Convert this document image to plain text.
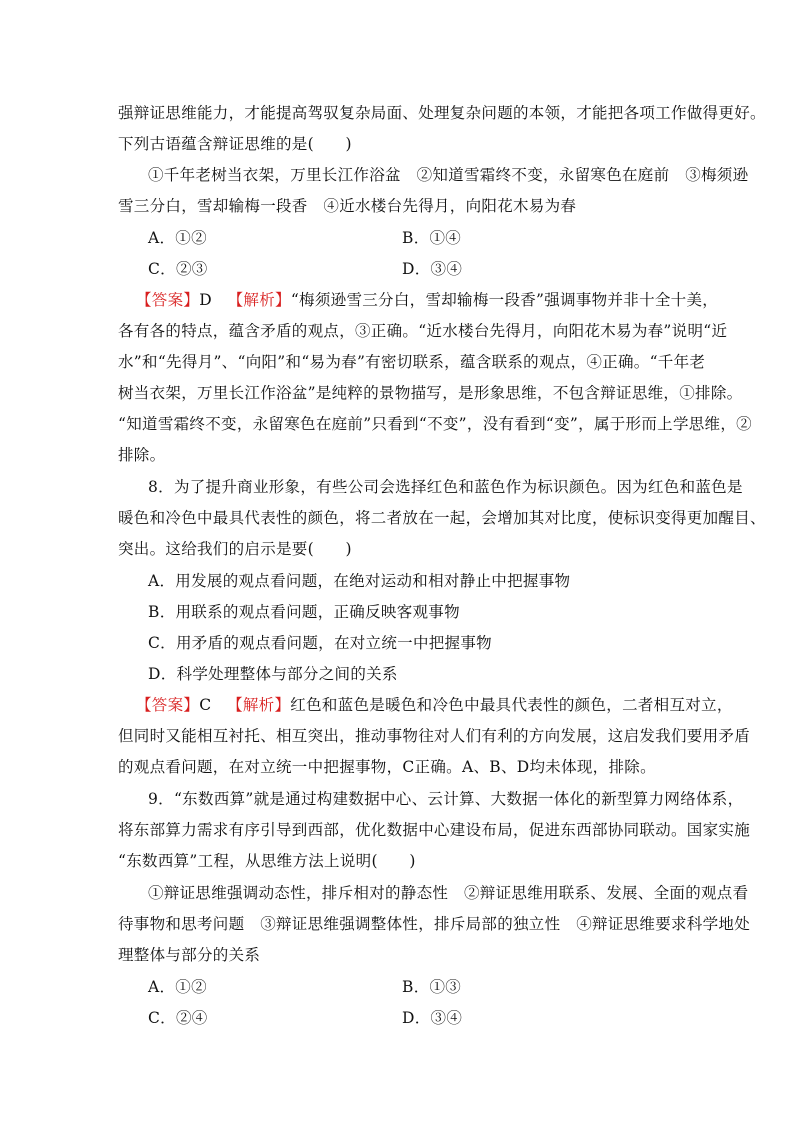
强辩证思维能力，才能提高驾驭复杂局面、处理复杂问题的本领，才能把各项工作做得更好。
下列古语蕴含辩证思维的是(　　)
①千年老树当衣架，万里长江作浴盆　②知道雪霜终不变，永留寒色在庭前　③梅须逊
雪三分白，雪却输梅一段香　④近水楼台先得月，向阳花木易为春
A．①②	B．①④
C．②③	D．③④
【答案】D 【解析】“梅须逊雪三分白，雪却输梅一段香”强调事物并非十全十美，
各有各的特点，蕴含矛盾的观点，③正确。“近水楼台先得月，向阳花木易为春”说明“近
水”和“先得月”、“向阳”和“易为春”有密切联系，蕴含联系的观点，④正确。“千年老
树当衣架，万里长江作浴盆”是纯粹的景物描写，是形象思维，不包含辩证思维，①排除。
“知道雪霜终不变，永留寒色在庭前”只看到“不变”，没有看到“变”，属于形而上学思维，②
排除。
8．为了提升商业形象，有些公司会选择红色和蓝色作为标识颜色。因为红色和蓝色是
暖色和冷色中最具代表性的颜色，将二者放在一起，会增加其对比度，使标识变得更加醒目、
突出。这给我们的启示是要(　　)
A．用发展的观点看问题，在绝对运动和相对静止中把握事物
B．用联系的观点看问题，正确反映客观事物
C．用矛盾的观点看问题，在对立统一中把握事物
D．科学处理整体与部分之间的关系
【答案】C 【解析】红色和蓝色是暖色和冷色中最具代表性的颜色，二者相互对立，
但同时又能相互衬托、相互突出，推动事物往对人们有利的方向发展，这启发我们要用矛盾
的观点看问题，在对立统一中把握事物，C正确。A、B、D均未体现，排除。
9．“东数西算”就是通过构建数据中心、云计算、大数据一体化的新型算力网络体系，
将东部算力需求有序引导到西部，优化数据中心建设布局，促进东西部协同联动。国家实施
“东数西算”工程，从思维方法上说明(　　)
①辩证思维强调动态性，排斥相对的静态性　②辩证思维用联系、发展、全面的观点看
待事物和思考问题　③辩证思维强调整体性，排斥局部的独立性　④辩证思维要求科学地处
理整体与部分的关系
A．①②	B．①③
C．②④	D．③④
